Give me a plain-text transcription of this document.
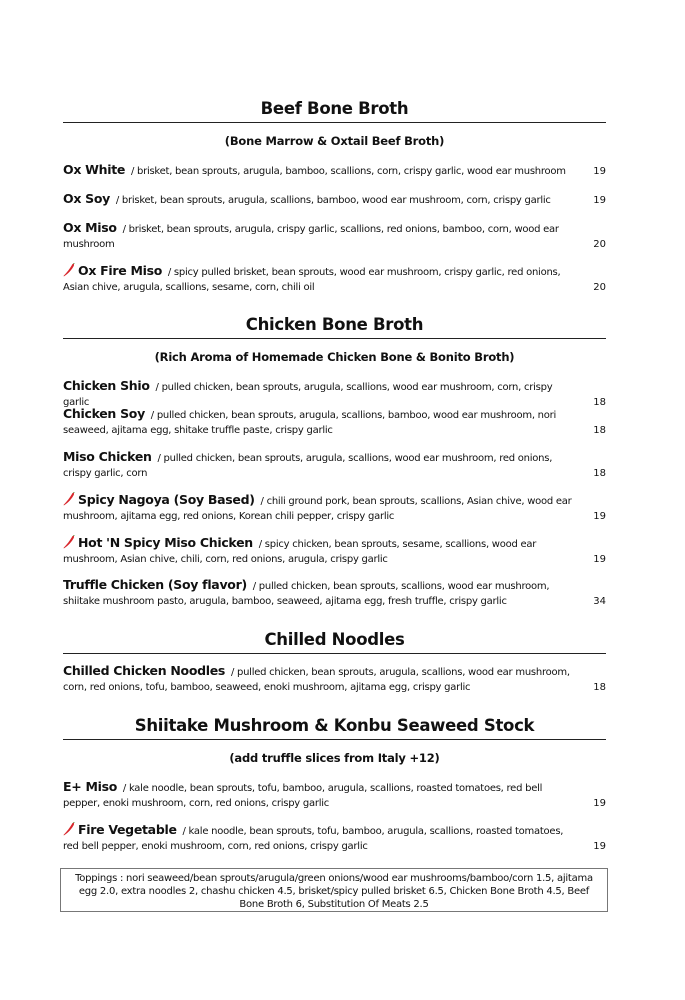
Beef Bone Broth
(Bone Marrow & Oxtail Beef Broth)
Ox White / brisket, bean sprouts, arugula, bamboo, scallions, corn, crispy garlic, wood ear mushroom	19
Ox Soy / brisket, bean sprouts, arugula, scallions, bamboo, wood ear mushroom, corn, crispy garlic	19
Ox Miso / brisket, bean sprouts, arugula, crispy garlic, scallions, red onions, bamboo, corn, wood ear mushroom	20
Ox Fire Miso / spicy pulled brisket, bean sprouts, wood ear mushroom, crispy garlic, red onions, Asian chive, arugula, scallions, sesame, corn, chili oil	20
Chicken Bone Broth
(Rich Aroma of Homemade Chicken Bone & Bonito Broth)
Chicken Shio / pulled chicken, bean sprouts, arugula, scallions, wood ear mushroom, corn, crispy garlic	18
Chicken Soy / pulled chicken, bean sprouts, arugula, scallions, bamboo, wood ear mushroom, nori seaweed, ajitama egg, shitake truffle paste, crispy garlic	18
Miso Chicken / pulled chicken, bean sprouts, arugula, scallions, wood ear mushroom, red onions, crispy garlic, corn	18
Spicy Nagoya (Soy Based) / chili ground pork, bean sprouts, scallions, Asian chive, wood ear mushroom, ajitama egg, red onions, Korean chili pepper, crispy garlic	19
Hot 'N Spicy Miso Chicken / spicy chicken, bean sprouts, sesame, scallions, wood ear mushroom, Asian chive, chili, corn, red onions, arugula, crispy garlic	19
Truffle Chicken (Soy flavor) / pulled chicken, bean sprouts, scallions, wood ear mushroom, shiitake mushroom pasto, arugula, bamboo, seaweed, ajitama egg, fresh truffle, crispy garlic	34
Chilled Noodles
Chilled Chicken Noodles / pulled chicken, bean sprouts, arugula, scallions, wood ear mushroom, corn, red onions, tofu, bamboo, seaweed, enoki mushroom, ajitama egg, crispy garlic	18
Shiitake Mushroom & Konbu Seaweed Stock
(add truffle slices from Italy +12)
E+ Miso / kale noodle, bean sprouts, tofu, bamboo, arugula, scallions, roasted tomatoes, red bell pepper, enoki mushroom, corn, red onions, crispy garlic	19
Fire Vegetable / kale noodle, bean sprouts, tofu, bamboo, arugula, scallions, roasted tomatoes, red bell pepper, enoki mushroom, corn, red onions, crispy garlic	19
Toppings : nori seaweed/bean sprouts/arugula/green onions/wood ear mushrooms/bamboo/corn 1.5, ajitama egg 2.0, extra noodles 2, chashu chicken 4.5, brisket/spicy pulled brisket 6.5, Chicken Bone Broth 4.5, Beef Bone Broth 6, Substitution Of Meats 2.5
